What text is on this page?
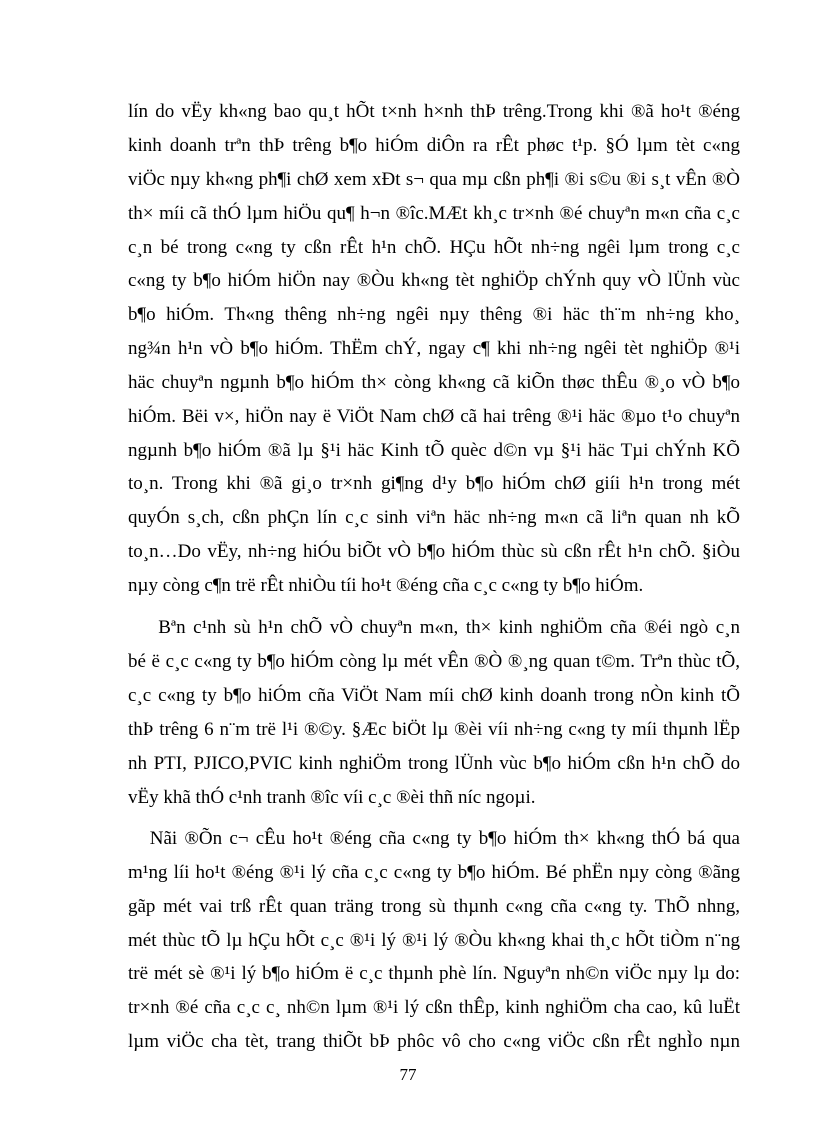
lín do vËy kh«ng bao qu¸t hÕt t×nh h×nh thÞ trêng.Trong khi ®ã ho¹t ®éng
kinh doanh trªn thÞ trêng b¶o hiÓm diÔn ra rÊt phøc t¹p. §Ó lµm tèt c«ng
viÖc nµy kh«ng ph¶i chØ xem xÐt s¬ qua mµ cßn ph¶i ®i s©u ®i s¸t vÊn ®Ò
th× míi cã thÓ lµm hiÖu qu¶ h¬n ®îc.MÆt kh¸c tr×nh ®é chuyªn m«n cña c¸c
c¸n bé trong c«ng ty cßn rÊt h¹n chÕ. HÇu hÕt nh÷ng ngêi lµm trong c¸c
c«ng ty b¶o hiÓm hiÖn nay ®Òu kh«ng tèt nghiÖp chÝnh quy vÒ lÜnh vùc
b¶o hiÓm. Th«ng thêng nh÷ng ngêi nµy thêng ®i häc th¨m nh÷ng kho¸
ng¾n h¹n vÒ b¶o hiÓm. ThËm chÝ, ngay c¶ khi nh÷ng ngêi tèt nghiÖp ®¹i
häc chuyªn ngµnh b¶o hiÓm th× còng kh«ng cã kiÕn thøc thÊu ®¸o vÒ b¶o
hiÓm. Bëi v×, hiÖn nay ë ViÖt Nam chØ cã hai trêng ®¹i häc ®µo t¹o chuyªn
ngµnh b¶o hiÓm ®ã lµ §¹i häc Kinh tÕ quèc d©n vµ §¹i häc Tµi chÝnh KÕ
to¸n. Trong khi ®ã gi¸o tr×nh gi¶ng d¹y b¶o hiÓm chØ giíi h¹n trong mét
quyÓn s¸ch, cßn phÇn lín c¸c sinh viªn häc nh÷ng m«n cã liªn quan nh kÕ
to¸n…Do vËy, nh÷ng hiÓu biÕt vÒ b¶o hiÓm thùc sù cßn rÊt h¹n chÕ. §iÒu
nµy còng c¶n trë rÊt nhiÒu tíi ho¹t ®éng cña c¸c c«ng ty b¶o hiÓm.
Bªn c¹nh sù h¹n chÕ vÒ chuyªn m«n, th× kinh nghiÖm cña ®éi ngò c¸n
bé ë c¸c c«ng ty b¶o hiÓm còng lµ mét vÊn ®Ò ®¸ng quan t©m. Trªn thùc tÕ,
c¸c c«ng ty b¶o hiÓm cña ViÖt Nam míi chØ kinh doanh trong nÒn kinh tÕ
thÞ trêng 6 n¨m trë l¹i ®©y. §Æc biÖt lµ ®èi víi nh÷ng c«ng ty míi thµnh lËp
nh PTI, PJICO,PVIC kinh nghiÖm trong lÜnh vùc b¶o hiÓm cßn h¹n chÕ do
vËy khã thÓ c¹nh tranh ®îc víi c¸c ®èi thñ níc ngoµi.
Nãi ®Õn c¬ cÊu ho¹t ®éng cña c«ng ty b¶o hiÓm th× kh«ng thÓ bá qua
m¹ng líi ho¹t ®éng ®¹i lý cña c¸c c«ng ty b¶o hiÓm. Bé phËn nµy còng ®ãng
gãp mét vai trß rÊt quan träng trong sù thµnh c«ng cña c«ng ty. ThÕ nhng,
mét thùc tÕ lµ hÇu hÕt c¸c ®¹i lý ®¹i lý ®Òu kh«ng khai th¸c hÕt tiÒm n¨ng
trë mét sè ®¹i lý b¶o hiÓm ë c¸c thµnh phè lín. Nguyªn nh©n viÖc nµy lµ do:
tr×nh ®é cña c¸c c¸ nh©n lµm ®¹i lý cßn thÊp, kinh nghiÖm cha cao, kû luËt
lµm viÖc cha tèt, trang thiÕt bÞ phôc vô cho c«ng viÖc cßn rÊt nghÌo nµn
77
